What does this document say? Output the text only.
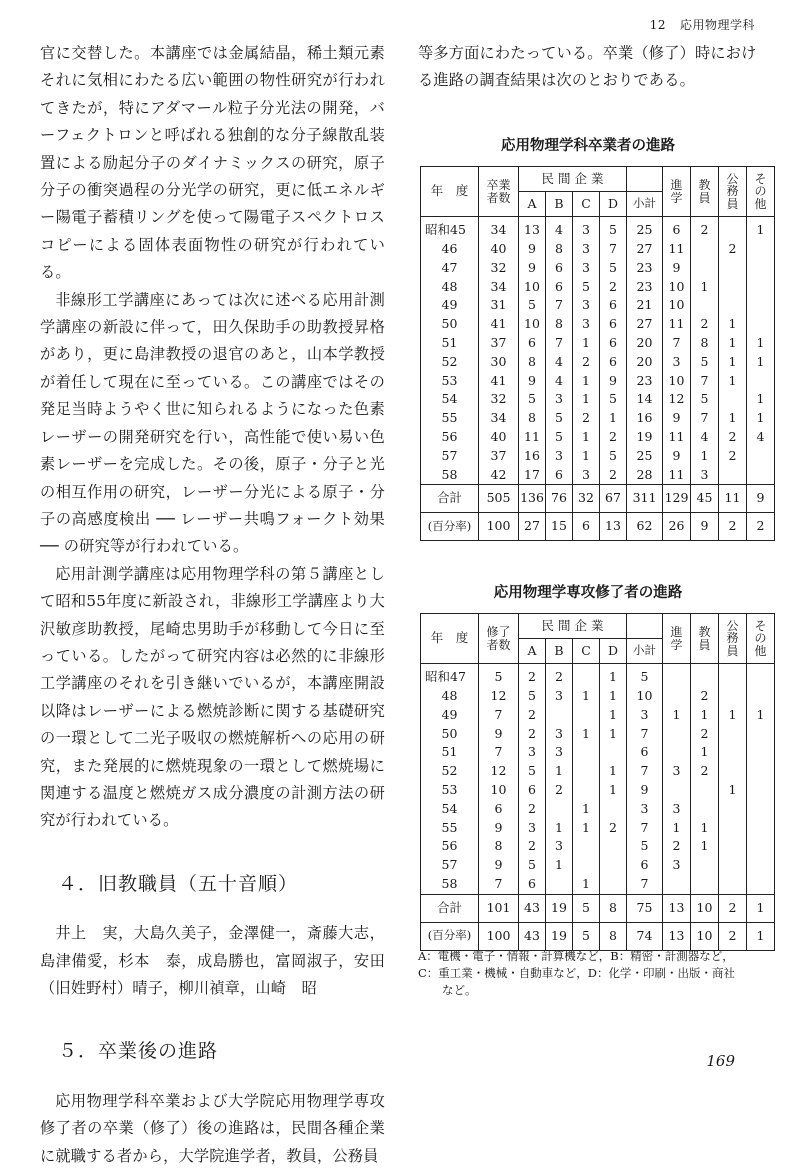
12 応用物理学科

官に交替した。本講座では金属結晶，稀土類元素それに気相にわたる広い範囲の物性研究が行われてきたが，特にアダマール粒子分光法の開発，バーフェクトロンと呼ばれる独創的な分子線散乱装置による励起分子のダイナミックスの研究，原子分子の衝突過程の分光学の研究，更に低エネルギー陽電子蓄積リングを使って陽電子スペクトロスコピーによる固体表面物性の研究が行われている。

非線形工学講座にあっては次に述べる応用計測学講座の新設に伴って，田久保助手の助教授昇格があり，更に島津教授の退官のあと，山本学教授が着任して現在に至っている。この講座ではその発足当時ようやく世に知られるようになった色素レーザーの開発研究を行い，高性能で使い易い色素レーザーを完成した。その後，原子・分子と光の相互作用の研究，レーザー分光による原子・分子の高感度検出 ── レーザー共鳴フォークト効果 ── の研究等が行われている。

応用計測学講座は応用物理学科の第５講座として昭和55年度に新設され，非線形工学講座より大沢敏彦助教授，尾崎忠男助手が移動して今日に至っている。したがって研究内容は必然的に非線形工学講座のそれを引き継いでいるが，本講座開設以降はレーザーによる燃焼診断に関する基礎研究の一環として二光子吸収の燃焼解析への応用の研究，また発展的に燃焼現象の一環として燃焼場に関連する温度と燃焼ガス成分濃度の計測方法の研究が行われている。

４．旧教職員（五十音順）

井上　実，大島久美子，金澤健一，斎藤大志，島津備愛，杉本　泰，成島勝也，富岡淑子，安田（旧姓野村）晴子，柳川禎章，山崎　昭

５．卒業後の進路

応用物理学科卒業および大学院応用物理学専攻修了者の卒業（修了）後の進路は，民間各種企業に就職する者から，大学院進学者，教員，公務員

等多方面にわたっている。卒業（修了）時における進路の調査結果は次のとおりである。

応用物理学科卒業者の進路
年　度	卒業
者数	民 間 企 業					進
学	教
員	公
務
員	そ
の
他
		A	B	C	D	小計				
昭和45	34	13	4	3	5	25	6	2		1
46	40	9	8	3	7	27	11		2	
47	32	9	6	3	5	23	9			
48	34	10	6	5	2	23	10	1		
49	31	5	7	3	6	21	10			
50	41	10	8	3	6	27	11	2	1	
51	37	6	7	1	6	20	7	8	1	1
52	30	8	4	2	6	20	3	5	1	1
53	41	9	4	1	9	23	10	7	1	
54	32	5	3	1	5	14	12	5		1
55	34	8	5	2	1	16	9	7	1	1
56	40	11	5	1	2	19	11	4	2	4
57	37	16	3	1	5	25	9	1	2	
58	42	17	6	3	2	28	11	3		
合計	505	136	76	32	67	311	129	45	11	9
(百分率)	100	27	15	6	13	62	26	9	2	2
応用物理学専攻修了者の進路
年　度	修了
者数	民 間 企 業					進
学	教
員	公
務
員	そ
の
他
		A	B	C	D	小計				
昭和47	5	2	2		1	5				
48	12	5	3	1	1	10		2		
49	7	2			1	3	1	1	1	1
50	9	2	3	1	1	7		2		
51	7	3	3			6		1		
52	12	5	1		1	7	3	2		
53	10	6	2		1	9			1	
54	6	2		1		3	3			
55	9	3	1	1	2	7	1	1		
56	8	2	3			5	2	1		
57	9	5	1			6	3			
58	7	6		1		7				
合計	101	43	19	5	8	75	13	10	2	1
(百分率)	100	43	19	5	8	74	13	10	2	1

A：電機・電子・情報・計算機など，B：精密・計測器など，

C：重工業・機械・自動車など，D：化学・印刷・出版・商社

など。

169
